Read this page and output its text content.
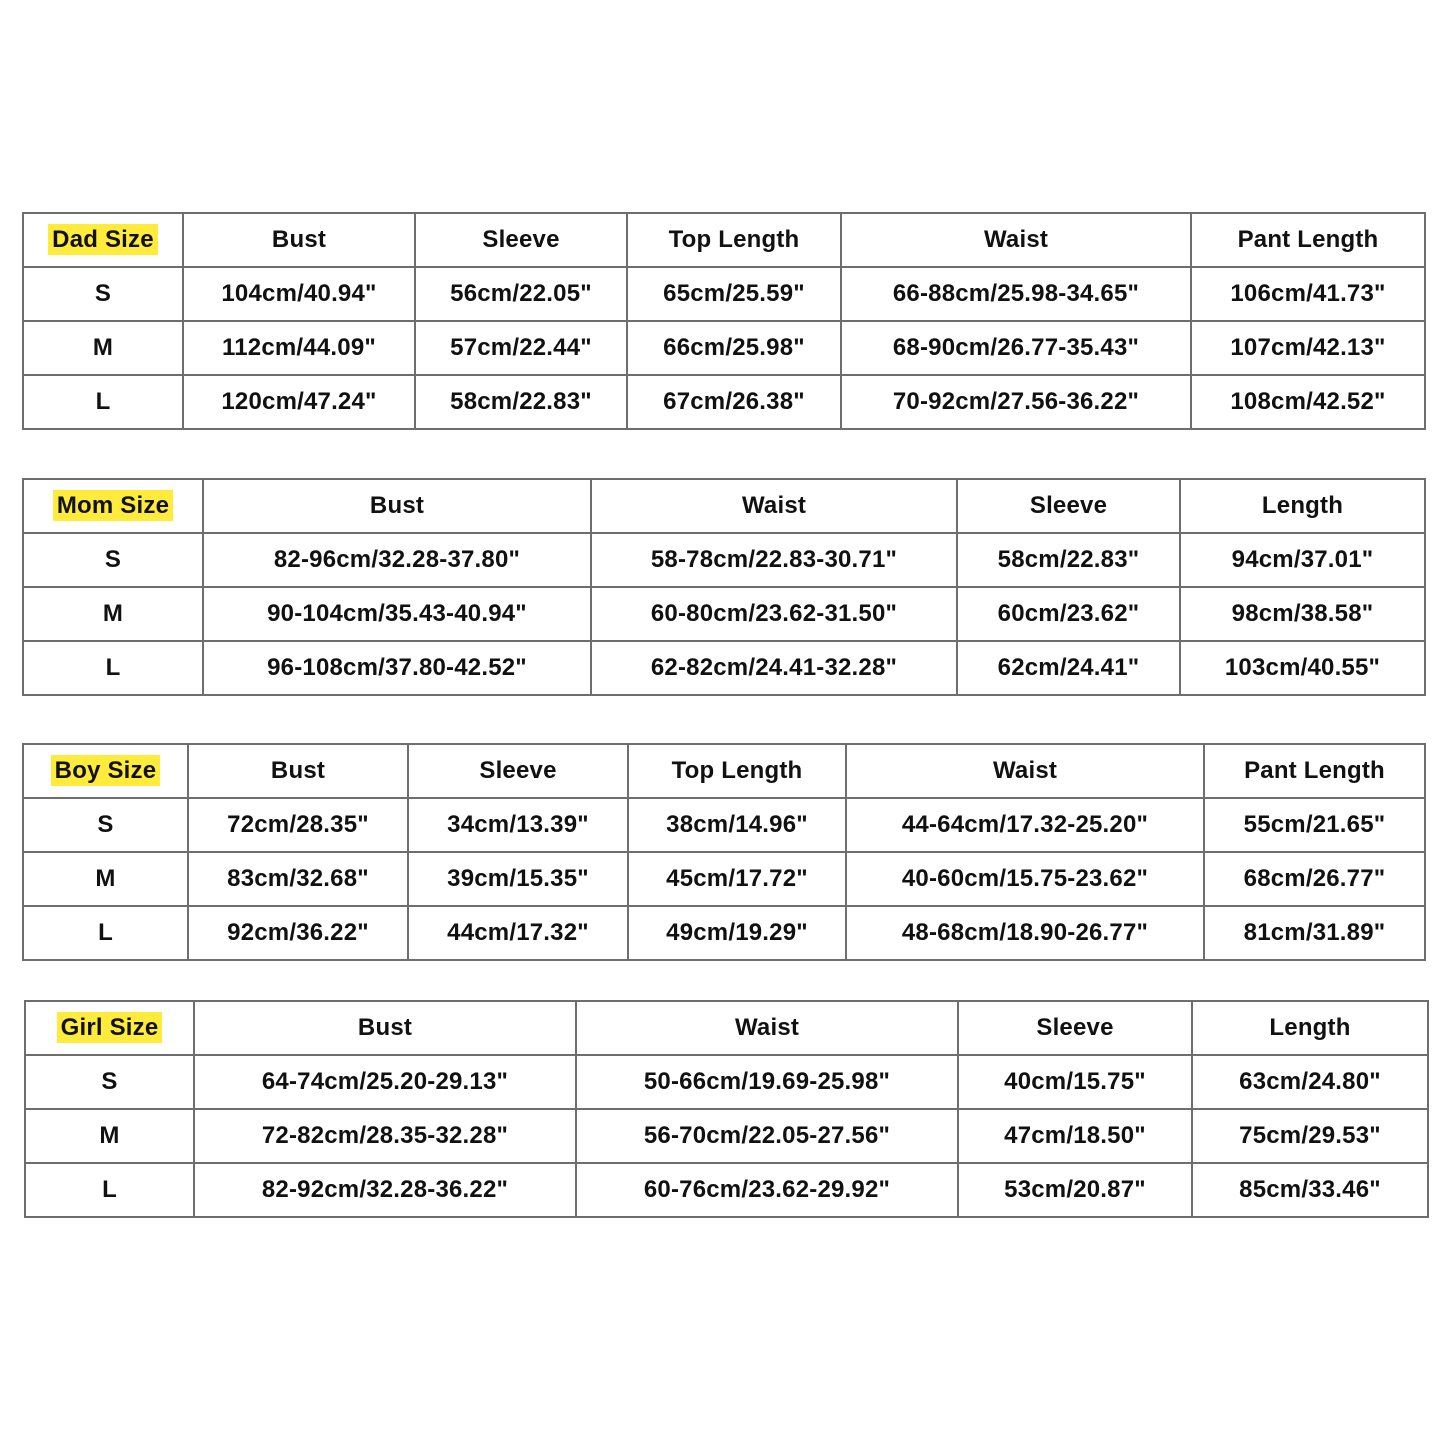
Dad Size	Bust	Sleeve	Top Length	Waist	Pant Length
S	104cm/40.94"	56cm/22.05"	65cm/25.59"	66-88cm/25.98-34.65"	106cm/41.73"
M	112cm/44.09"	57cm/22.44"	66cm/25.98"	68-90cm/26.77-35.43"	107cm/42.13"
L	120cm/47.24"	58cm/22.83"	67cm/26.38"	70-92cm/27.56-36.22"	108cm/42.52"
Mom Size	Bust	Waist	Sleeve	Length
S	82-96cm/32.28-37.80"	58-78cm/22.83-30.71"	58cm/22.83"	94cm/37.01"
M	90-104cm/35.43-40.94"	60-80cm/23.62-31.50"	60cm/23.62"	98cm/38.58"
L	96-108cm/37.80-42.52"	62-82cm/24.41-32.28"	62cm/24.41"	103cm/40.55"
Boy Size	Bust	Sleeve	Top Length	Waist	Pant Length
S	72cm/28.35"	34cm/13.39"	38cm/14.96"	44-64cm/17.32-25.20"	55cm/21.65"
M	83cm/32.68"	39cm/15.35"	45cm/17.72"	40-60cm/15.75-23.62"	68cm/26.77"
L	92cm/36.22"	44cm/17.32"	49cm/19.29"	48-68cm/18.90-26.77"	81cm/31.89"
Girl Size	Bust	Waist	Sleeve	Length
S	64-74cm/25.20-29.13"	50-66cm/19.69-25.98"	40cm/15.75"	63cm/24.80"
M	72-82cm/28.35-32.28"	56-70cm/22.05-27.56"	47cm/18.50"	75cm/29.53"
L	82-92cm/32.28-36.22"	60-76cm/23.62-29.92"	53cm/20.87"	85cm/33.46"
